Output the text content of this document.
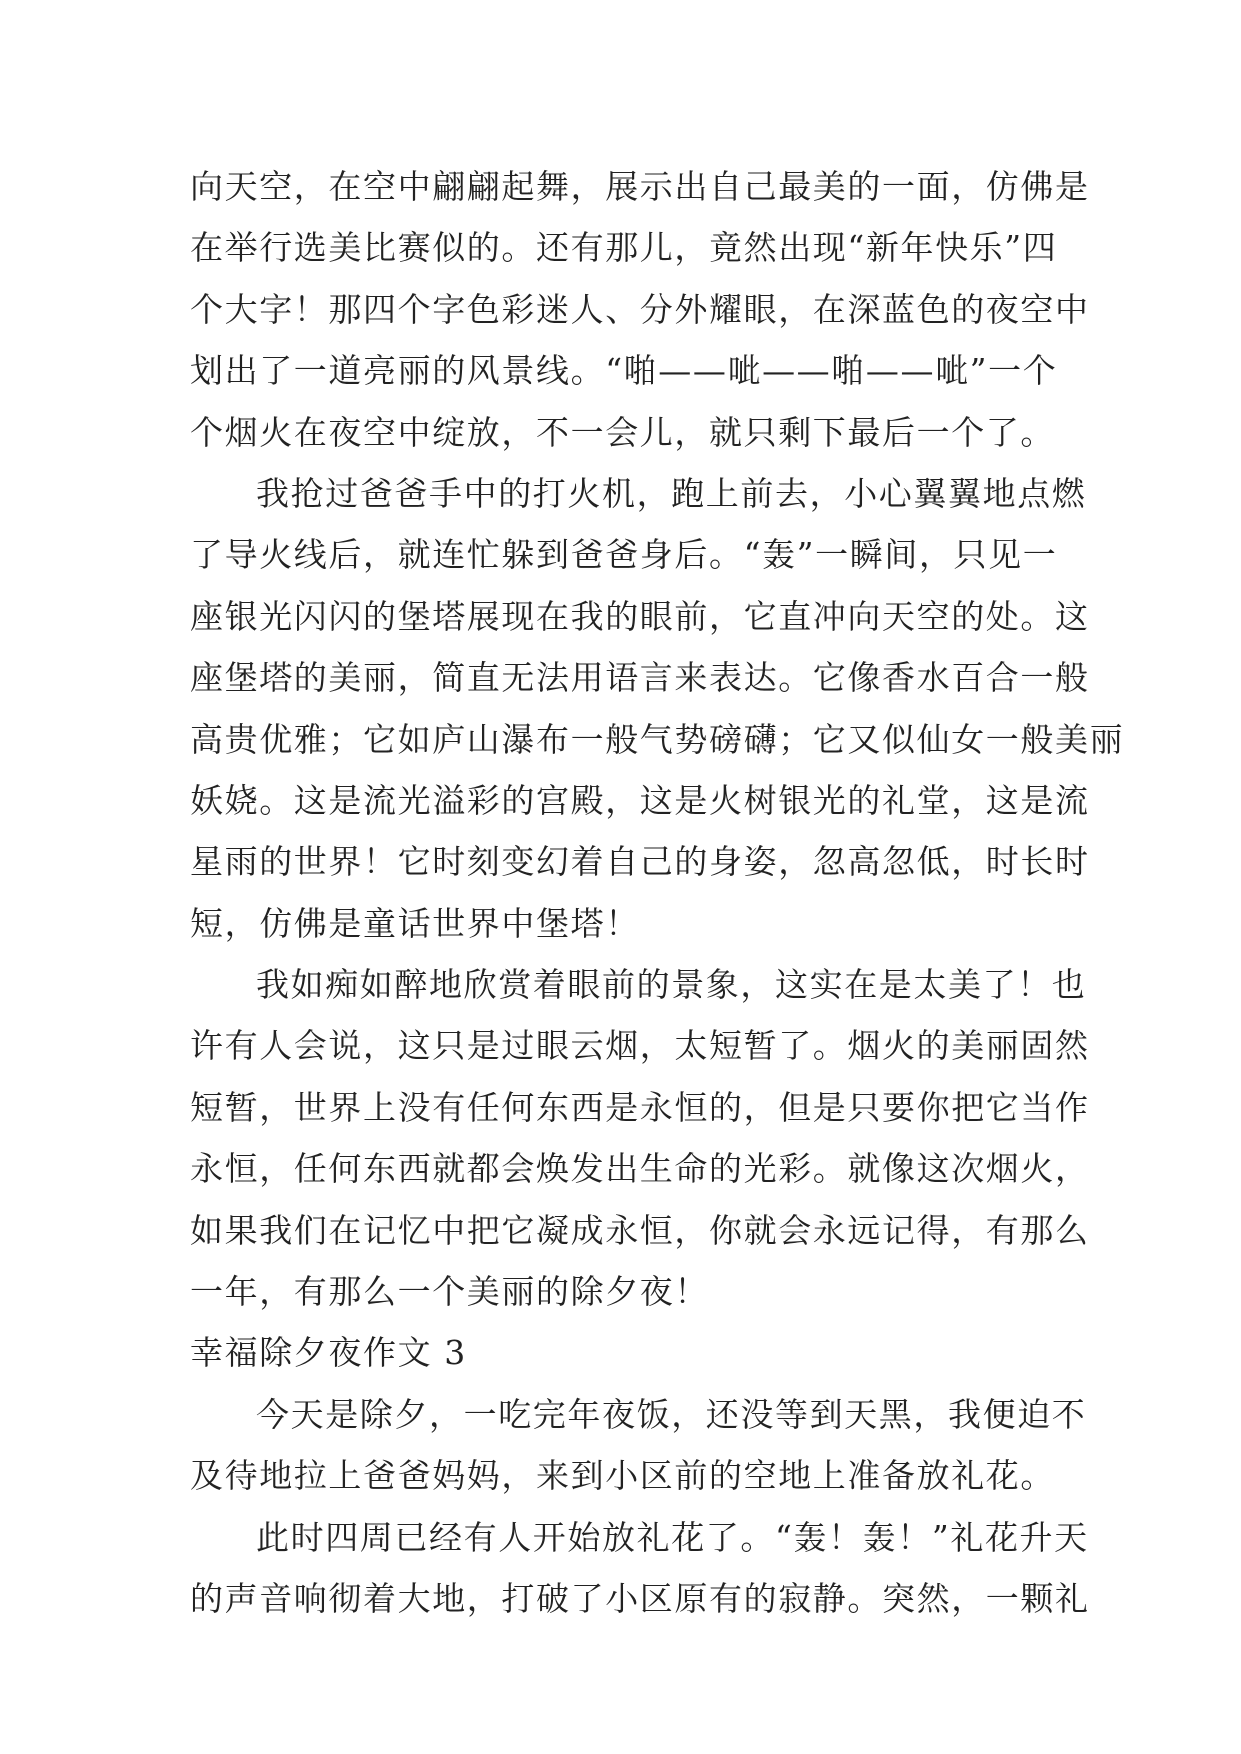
向天空，在空中翩翩起舞，展示出自己最美的一面，仿佛是
在举行选美比赛似的。还有那儿，竟然出现“新年快乐”四
个大字！那四个字色彩迷人、分外耀眼，在深蓝色的夜空中
划出了一道亮丽的风景线。“啪——呲——啪——呲”一个
个烟火在夜空中绽放，不一会儿，就只剩下最后一个了。
我抢过爸爸手中的打火机，跑上前去，小心翼翼地点燃
了导火线后，就连忙躲到爸爸身后。“轰”一瞬间，只见一
座银光闪闪的堡塔展现在我的眼前，它直冲向天空的处。这
座堡塔的美丽，简直无法用语言来表达。它像香水百合一般
高贵优雅；它如庐山瀑布一般气势磅礴；它又似仙女一般美丽
妖娆。这是流光溢彩的宫殿，这是火树银光的礼堂，这是流
星雨的世界！它时刻变幻着自己的身姿，忽高忽低，时长时
短，仿佛是童话世界中堡塔！
我如痴如醉地欣赏着眼前的景象，这实在是太美了！也
许有人会说，这只是过眼云烟，太短暂了。烟火的美丽固然
短暂，世界上没有任何东西是永恒的，但是只要你把它当作
永恒，任何东西就都会焕发出生命的光彩。就像这次烟火，
如果我们在记忆中把它凝成永恒，你就会永远记得，有那么
一年，有那么一个美丽的除夕夜！
幸福除夕夜作文 3
今天是除夕，一吃完年夜饭，还没等到天黑，我便迫不
及待地拉上爸爸妈妈，来到小区前的空地上准备放礼花。
此时四周已经有人开始放礼花了。“轰！轰！”礼花升天
的声音响彻着大地，打破了小区原有的寂静。突然，一颗礼
